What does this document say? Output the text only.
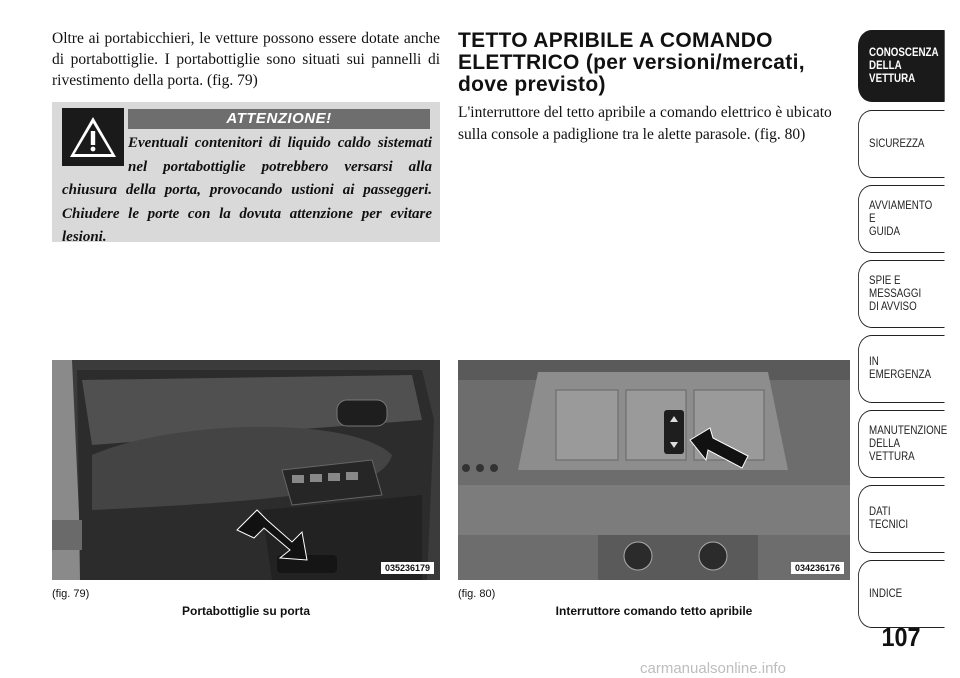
Oltre ai portabicchieri, le vetture possono essere dotate anche di portabottiglie. I portabottiglie sono situati sui pannelli di rivestimento della porta. (fig. 79)

ATTENZIONE!

Eventuali contenitori di liquido caldo sistemati nel portabottiglie potrebbero versarsi alla chiusura della porta, provocando ustioni ai passeggeri. Chiudere le porte con la dovuta attenzione per evitare lesioni.

TETTO APRIBILE A COMANDO
ELETTRICO (per versioni/mercati,
dove previsto)

L'interruttore del tetto apribile a comando elettrico è ubicato sulla console a padiglione tra le alette parasole. (fig. 80)

035236179
(fig. 79)
Portabottiglie su porta
034236176
(fig. 80)
Interruttore comando tetto apribile
CONOSCENZA
DELLA
VETTURA
SICUREZZA
AVVIAMENTO
E
GUIDA
SPIE E
MESSAGGI
DI AVVISO
IN
EMERGENZA
MANUTENZIONE
DELLA
VETTURA
DATI
TECNICI
INDICE
107
carmanualsonline.info
